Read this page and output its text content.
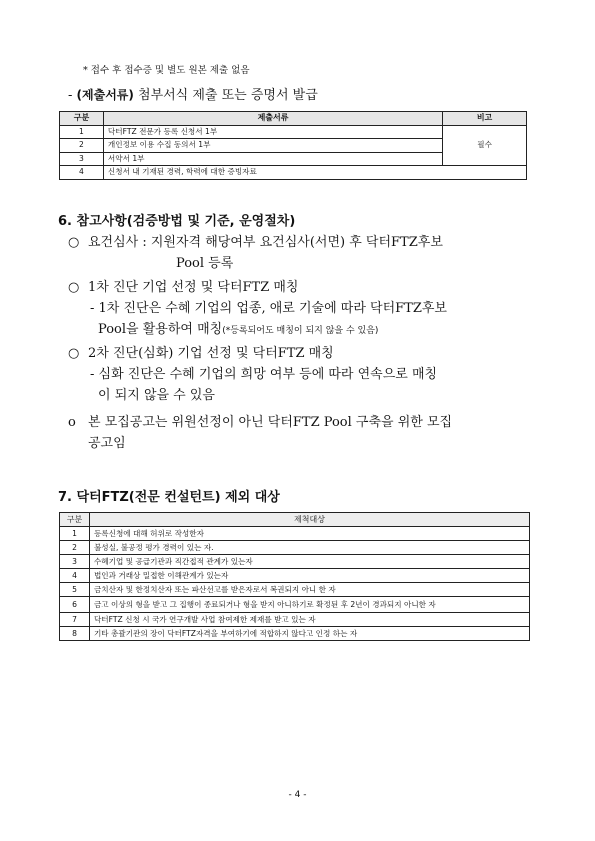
* 접수 후 접수증 및 별도 원본 제출 없음
- (제출서류) 첨부서식 제출 또는 증명서 발급
구분	제출서류	비고
1	닥터FTZ 전문가 등록 신청서 1부	필수
2	개인정보 이용 수집 동의서 1부	
3	서약서 1부	
4	신청서 내 기재된 경력, 학력에 대한 증빙자료	
6. 참고사항(검증방법 및 기준, 운영절차)
○ 요건심사 : 지원자격 해당여부 요건심사(서면) 후 닥터FTZ후보
Pool 등록
○ 1차 진단 기업 선정 및 닥터FTZ 매칭
- 1차 진단은 수혜 기업의 업종, 애로 기술에 따라 닥터FTZ후보
Pool을 활용하여 매칭(*등록되어도 매칭이 되지 않을 수 있음)
○ 2차 진단(심화) 기업 선정 및 닥터FTZ 매칭
- 심화 진단은 수혜 기업의 희망 여부 등에 따라 연속으로 매칭
이 되지 않을 수 있음
o 본 모집공고는 위원선정이 아닌 닥터FTZ Pool 구축을 위한 모집
공고임
7. 닥터FTZ(전문 컨설턴트) 제외 대상
구분	제척대상
1	등록신청에 대해 허위로 작성한자
2	불성실, 불공정 평가 경력이 있는 자.
3	수혜기업 및 공급기관과 직간접적 관계가 있는자
4	법인과 거래상 밀접한 이해관계가 있는자
5	금치산자 및 한정치산자 또는 파산선고를 받은자로서 복권되지 아니 한 자
6	금고 이상의 형을 받고 그 집행이 종료되거나 형을 받지 아니하기로 확정된 후 2년이 경과되지 아니한 자
7	닥터FTZ 신청 시 국가 연구개발 사업 참여제한 제재를 받고 있는 자
8	기타 총괄기관의 장이 닥터FTZ자격을 부여하기에 적합하지 않다고 인정 하는 자
- 4 -
